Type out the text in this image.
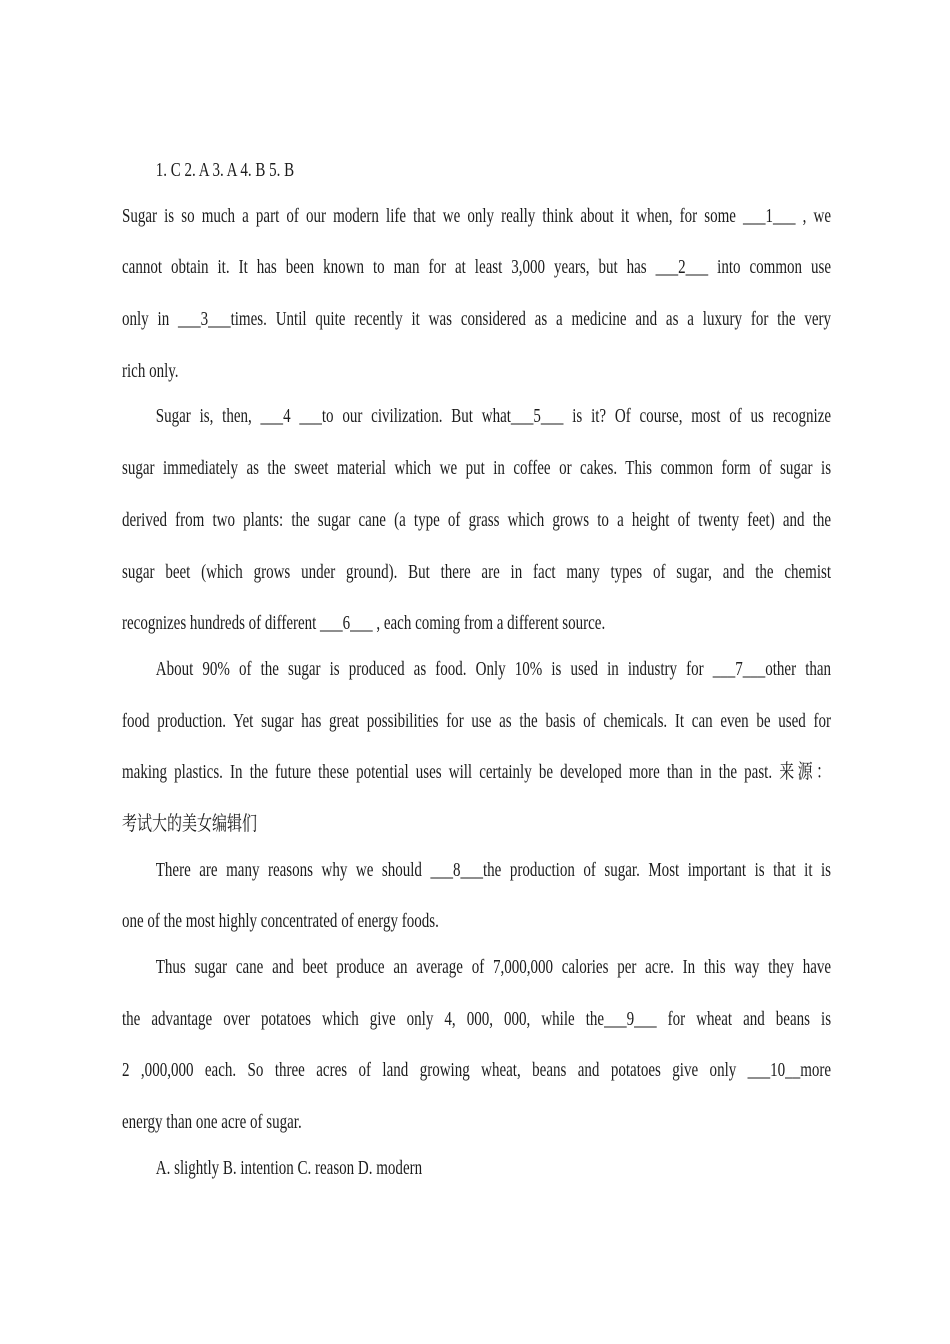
1. C 2. A 3. A 4. B 5. B
Sugar is so much a part of our modern life that we only really think about it when, for some ___1___ , we
cannot obtain it. It has been known to man for at least 3,000 years, but has ___2___ into common use
only in ___3___times. Until quite recently it was considered as a medicine and as a luxury for the very
rich only.
Sugar is, then, ___4 ___to our civilization. But what___5___ is it? Of course, most of us recognize
sugar immediately as the sweet material which we put in coffee or cakes. This common form of sugar is
derived from two plants: the sugar cane (a type of grass which grows to a height of twenty feet) and the
sugar beet (which grows under ground). But there are in fact many types of sugar, and the chemist
recognizes hundreds of different ___6___ , each coming from a different source.
About 90% of the sugar is produced as food. Only 10% is used in industry for ___7___other than
food production. Yet sugar has great possibilities for use as the basis of chemicals. It can even be used for
making plastics. In the future these potential uses will certainly be developed more than in the past. 来源：
考试大的美女编辑们
There are many reasons why we should ___8___the production of sugar. Most important is that it is
one of the most highly concentrated of energy foods.
Thus sugar cane and beet produce an average of 7,000,000 calories per acre. In this way they have
the advantage over potatoes which give only 4, 000, 000, while the___9___ for wheat and beans is
2 ,000,000 each. So three acres of land growing wheat, beans and potatoes give only ___10__more
energy than one acre of sugar.
A. slightly B. intention C. reason D. modern
